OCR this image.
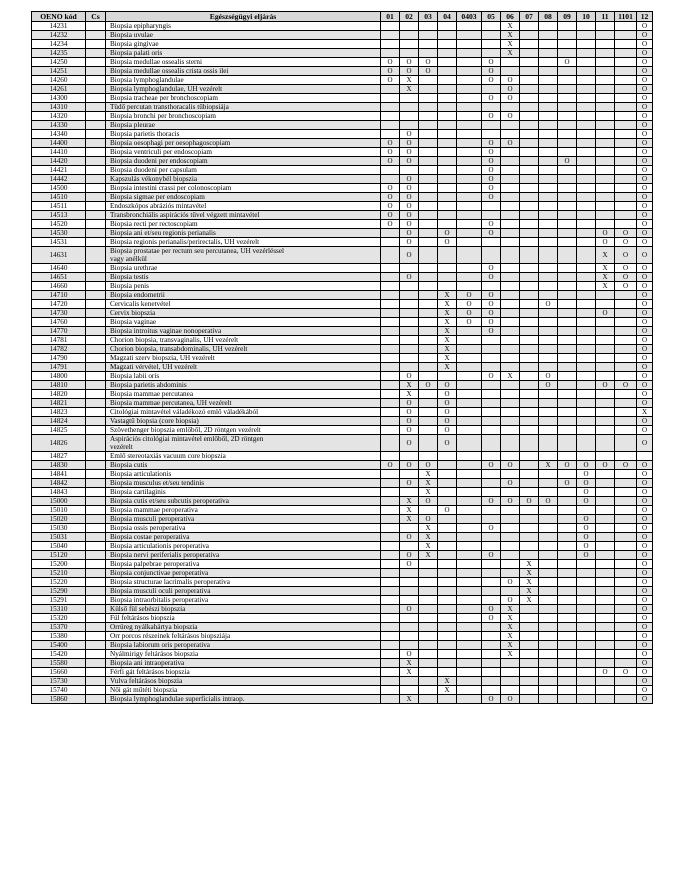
OENO kód	Cs	Egészségügyi eljárás	01	02	03	04	0403	05	06	07	08	09	10	11	1101	12
14231		Biopsia epipharyngis							X							O
14232		Biopsia uvulae							X							O
14234		Biopsia gingivae							X							O
14235		Biopsia palati oris							X							O
14250		Biopsia medullae ossealis sterni	O	O	O			O				O				O
14251		Biopsia medullae ossealis crista ossis ilei	O	O	O			O								O
14260		Biopsia lymphoglandulae	O	X				O	O							O
14261		Biopsia lymphoglandulae, UH vezérelt		X					O							O
14300		Biopsia tracheae per bronchoscopiam						O	O							O
14310		Tüdő percutan transthoracalis tűbiopsiája														O
14320		Biopsia bronchi per bronchoscopiam						O	O							O
14330		Biopsia pleurae														O
14340		Biopsia parietis thoracis		O												O
14400		Biopsia oesophagi per oesophagoscopiam	O	O				O	O							O
14410		Biopsia ventriculi per endoscopiam	O	O				O								O
14420		Biopsia duodeni per endoscopiam	O	O				O				O				O
14421		Biopsia duodeni per capsulam						O								O
14442		Kapszulás vékonybél biopszia		O				O								O
14500		Biopsia intestini crassi per colonoscopiam	O	O				O								O
14510		Biopsia sigmae per endoscopiam	O	O				O								O
14511		Endoszkópos abráziós mintavétel	O	O												O
14513		Transbronchiális aspirációs tűvel végzett mintavétel	O	O												O
14520		Biopsia recti per rectoscopiam	O	O				O								O
14530		Biopsia ani et/seu regionis perianalis		O		O		O						O	O	O
14531		Biopsia regionis perianalis/perirectalis, UH vezérelt		O		O								O	O	O
14631		Biopsia prostatae per rectum seu percutanea, UH vezérléssel
vagy anélkül		O										X	O	O
14640		Biopsia urethrae						O						X	O	O
14651		Biopsia testis		O				O						X	O	O
14660		Biopsia penis												X	O	O
14710		Biopsia endometrii				X	O	O								O
14720		Cervicalis kenetvétel				X	O	O			O					O
14730		Cervix biopszia				X	O	O						O		O
14760		Biopsia vaginae				X	O	O								O
14770		Biopsia introitus vaginae nonoperativa				X		O								O
14781		Chorion biopsia, transvaginalis, UH vezérelt				X										O
14782		Chorion biopsia, transabdominalis, UH vezérelt				X										O
14790		Magzati szerv biopszia, UH vezérelt				X										O
14791		Magzati vérvétel, UH vezérelt				X										O
14800		Biopsia labii oris		O				O	X		O					O
14810		Biopsia parietis abdominis		X	O	O					O			O	O	O
14820		Biopsia mammae percutanea		X		O										O
14821		Biopsia mammae percutanea, UH vezérelt		O		O										O
14823		Citológiai mintavétel váladékozó emlő váladékából		O		O										X
14824		Vastagtű biopsia (core biopsia)		O		O										O
14825		Szövethenger biopszia emlőből, 2D röntgen vezérelt		O		O										O
14826		Aspirációs citológiai mintavétel emlőből, 2D röntgen
vezérelt		O		O										O
14827		Emlő stereotaxiás vacuum core biopszia														

14830		Biopsia cutis	O	O	O			O	O		X	O	O	O	O	O
14841		Biopsia articulationis			X								O			O
14842		Biopsia musculus et/seu tendinis		O	X				O			O	O			O
14843		Biopsia cartilaginis			X								O			O
15000		Biopsia cutis et/seu subcutis peroperativa		X	O			O	O	O	O		O			O
15010		Biopsia mammae peroperativa		X		O										O
15020		Biopsia musculi peroperativa		X	O								O			O
15030		Biopsia ossis peroperativa			X			O					O			O
15031		Biopsia costae peroperativa		O	X								O			O
15040		Biopsia articulationis peroperativa			X								O			O
15120		Biopsia nervi periferialis peroperativa		O	X			O					O			O
15200		Biopsia palpebrae peroperativa		O						X						O
15210		Biopsia conjunctivae peroperativa								X						O
15220		Biopsia structurae lacrimalis peroperativa							O	X						O
15290		Biopsia musculi oculi peroperativa								X						O
15291		Biopsia intraorbitalis peroperativa							O	X						O
15310		Külső fül sebészi biopszia		O				O	X							O
15320		Fül feltárásos biopszia						O	X							O
15370		Orrüreg nyálkahártya biopszia							X							O
15380		Orr porcos részeinek feltárásos biopsziája							X							O
15400		Biopsia labiorum oris peroperativa							X							O
15420		Nyálmirigy feltárásos biopszia		O					X							O
15580		Biopsia ani intraoperativa		X												O
15660		Férfi gát feltárásos biopszia		X										O	O	O
15730		Vulva feltárásos biopszia				X										O
15740		Női gát műtéti biopszia				X										O
15860		Biopsia lymphoglandulae superficialis intraop.		X				O	O							O
